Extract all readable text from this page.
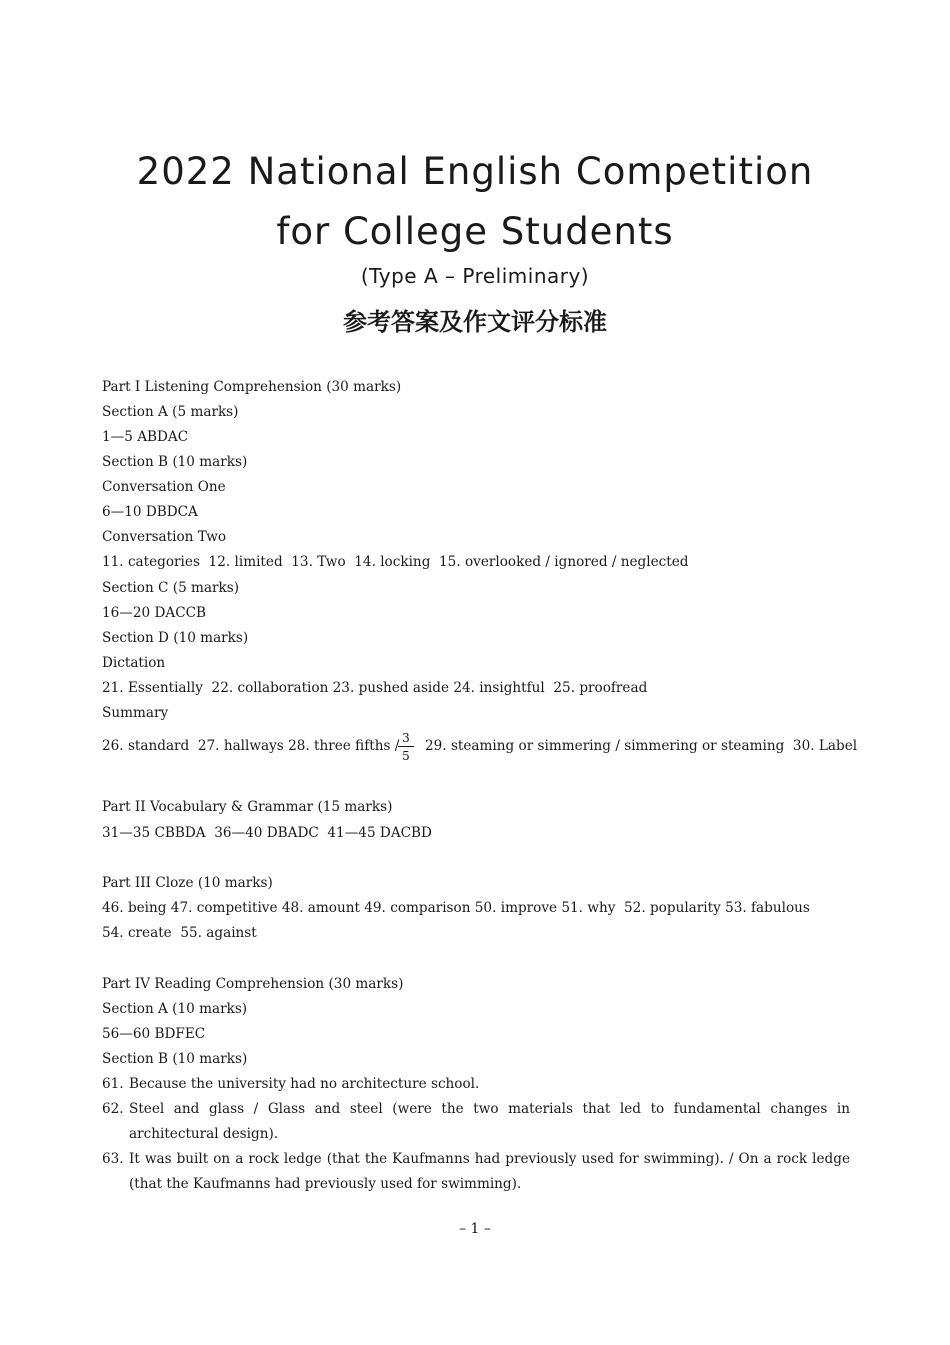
2022 National English Competition
for College Students
(Type A – Preliminary)
参考答案及作文评分标准
Part I Listening Comprehension (30 marks)
Section A (5 marks)
1—5 ABDAC
Section B (10 marks)
Conversation One
6—10 DBDCA
Conversation Two
11. categories  12. limited  13. Two  14. locking  15. overlooked / ignored / neglected
Section C (5 marks)
16—20 DACCB
Section D (10 marks)
Dictation
21. Essentially  22. collaboration 23. pushed aside 24. insightful  25. proofread
Summary
26. standard  27. hallways 28. three fifths /
$\frac{3}{5} 29$. steaming or simmering / simmering or steaming  30. Label
Part II Vocabulary & Grammar (15 marks)
31—35 CBBDA  36—40 DBADC  41—45 DACBD
Part III Cloze (10 marks)
46. being 47. competitive 48. amount 49. comparison 50. improve 51. why  52. popularity 53. fabulous
54. create  55. against
Part IV Reading Comprehension (30 marks)
Section A (10 marks)
56—60 BDFEC
Section B (10 marks)
61. Because the university had no architecture school.
62. Steel and glass / Glass and steel (were the two materials that led to fundamental changes in architectural design).
63. It was built on a rock ledge (that the Kaufmanns had previously used for swimming). / On a rock ledge (that the Kaufmanns had previously used for swimming).
– 1 –
